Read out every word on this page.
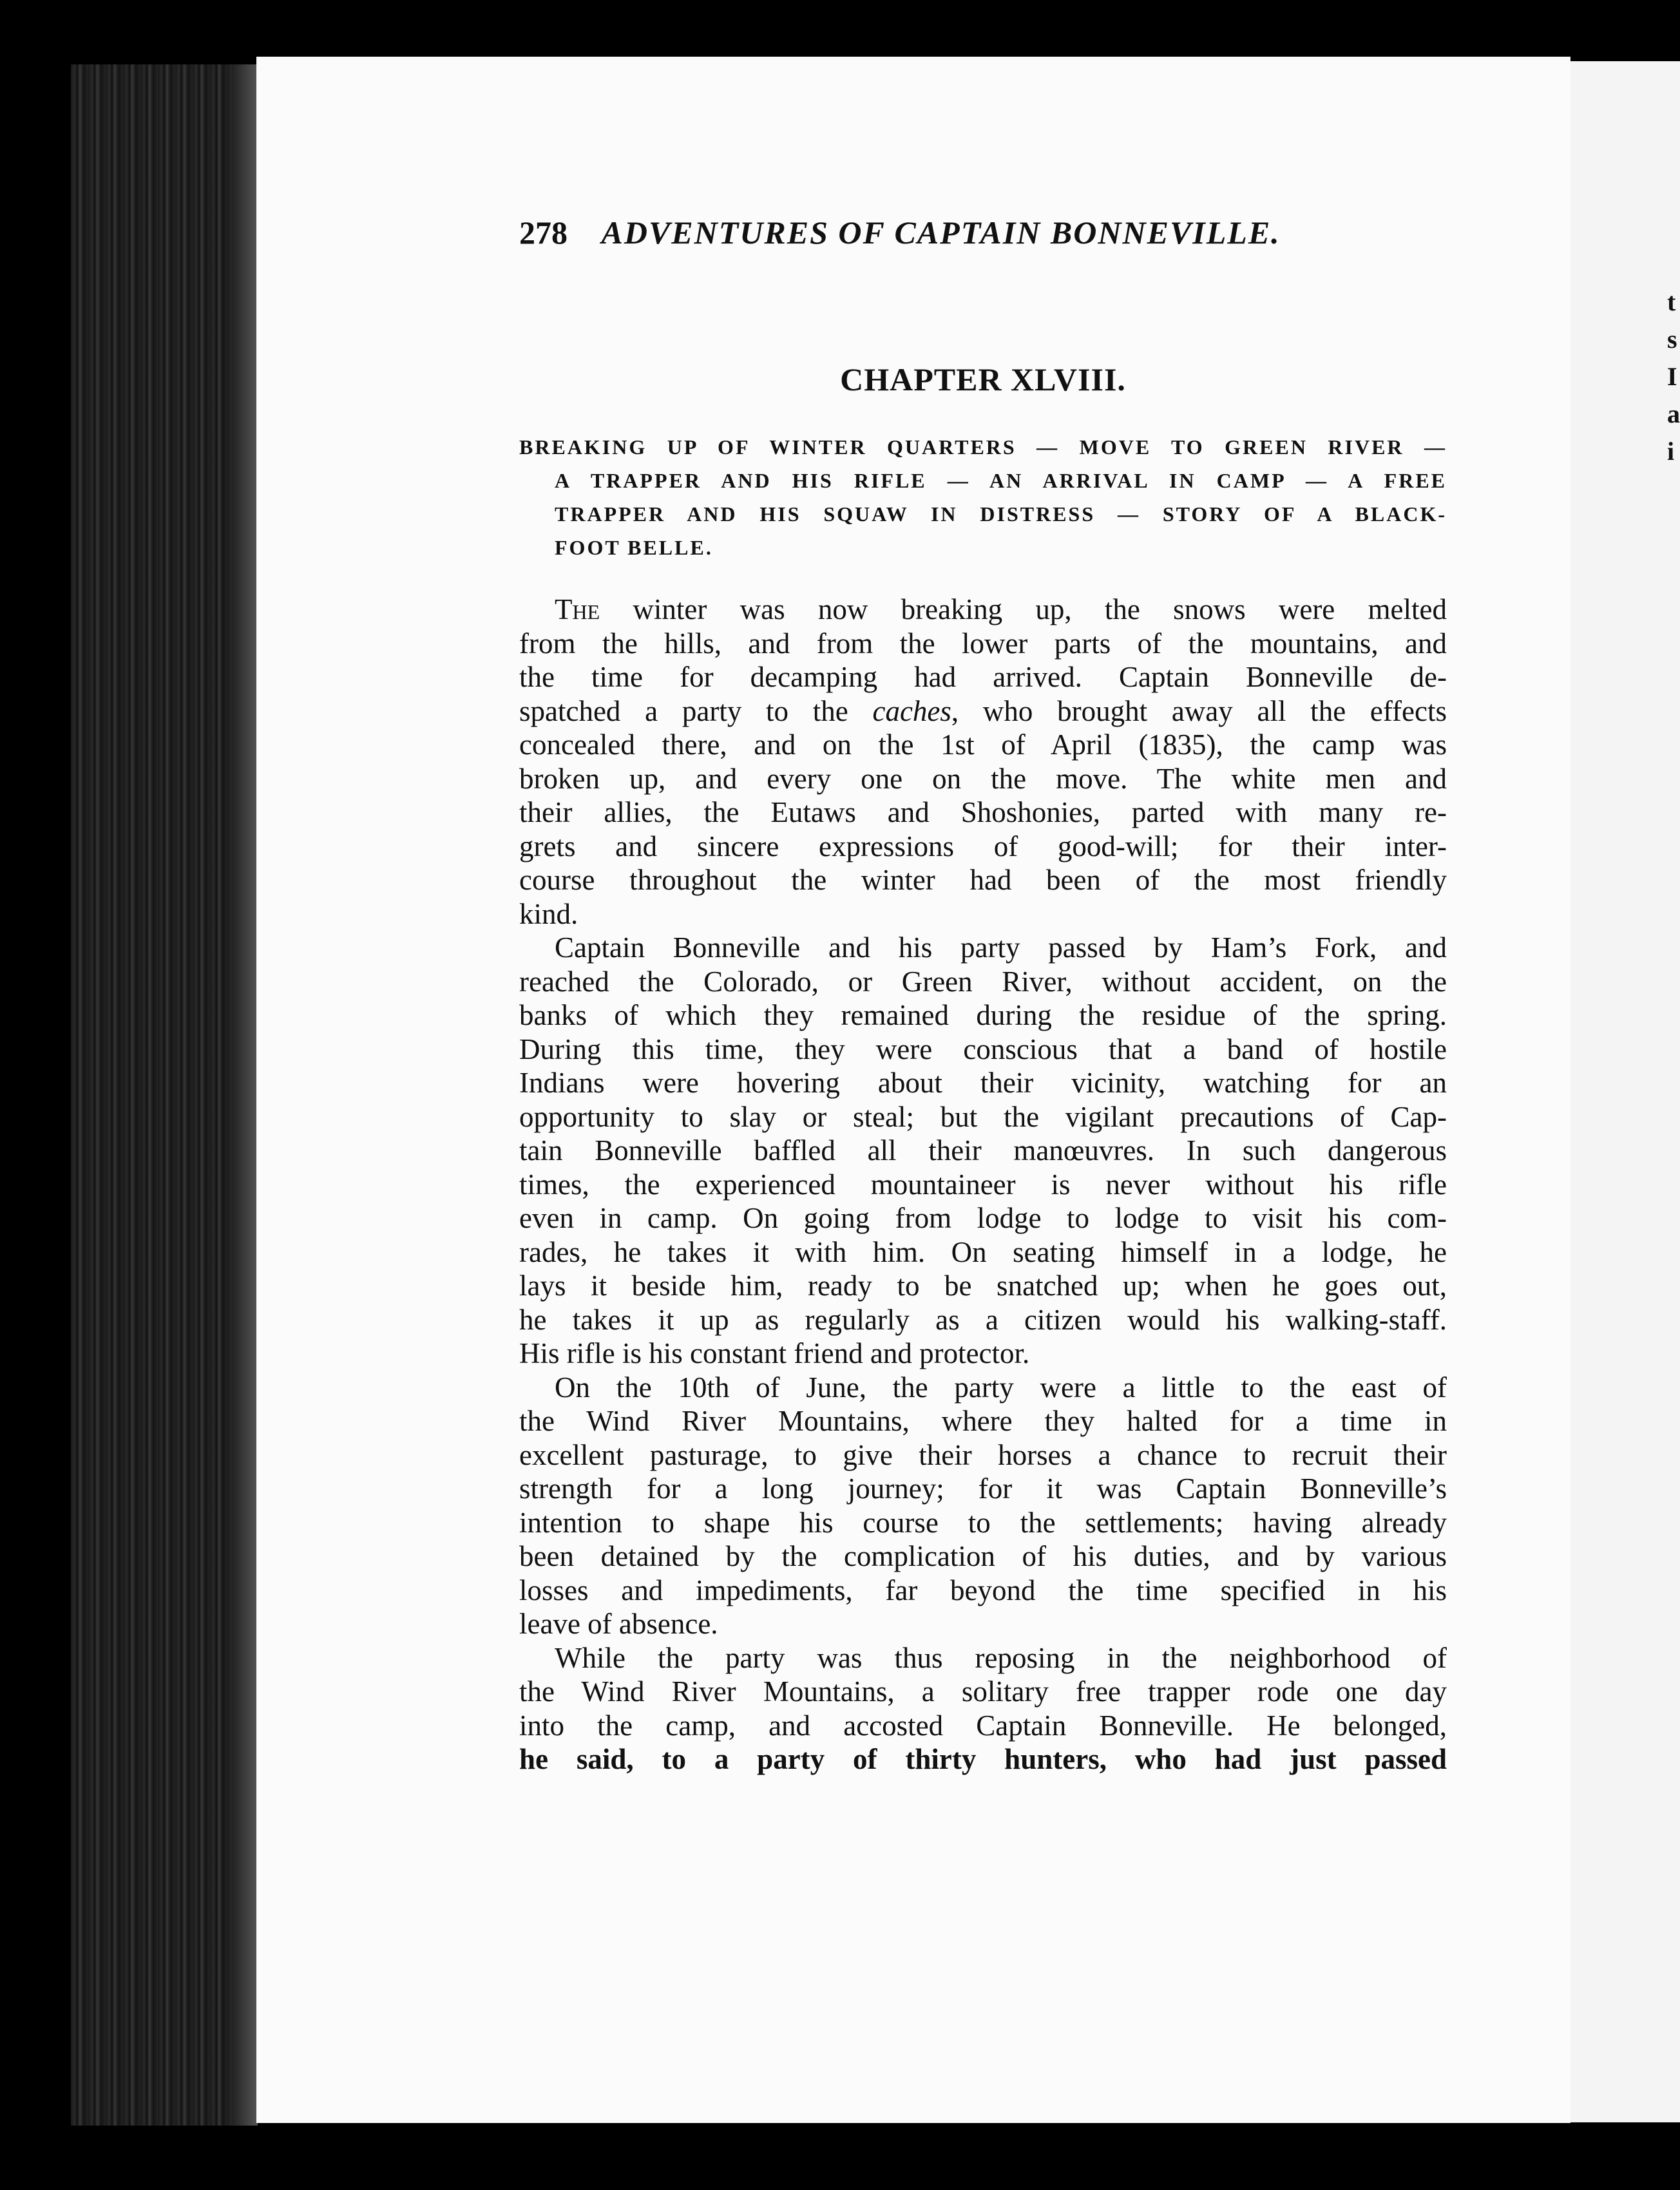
t
s
I
a
i
278 ADVENTURES OF CAPTAIN BONNEVILLE.
CHAPTER XLVIII.
BREAKING UP OF WINTER QUARTERS — MOVE TO GREEN RIVER —
A TRAPPER AND HIS RIFLE — AN ARRIVAL IN CAMP — A FREE
TRAPPER AND HIS SQUAW IN DISTRESS — STORY OF A BLACK-
FOOT BELLE.
The winter was now breaking up, the snows were melted
from the hills, and from the lower parts of the mountains, and
the time for decamping had arrived. Captain Bonneville de-
spatched a party to the caches, who brought away all the effects
concealed there, and on the 1st of April (1835), the camp was
broken up, and every one on the move. The white men and
their allies, the Eutaws and Shoshonies, parted with many re-
grets and sincere expressions of good-will; for their inter-
course throughout the winter had been of the most friendly
kind.
Captain Bonneville and his party passed by Ham’s Fork, and
reached the Colorado, or Green River, without accident, on the
banks of which they remained during the residue of the spring.
During this time, they were conscious that a band of hostile
Indians were hovering about their vicinity, watching for an
opportunity to slay or steal; but the vigilant precautions of Cap-
tain Bonneville baffled all their manœuvres. In such dangerous
times, the experienced mountaineer is never without his rifle
even in camp. On going from lodge to lodge to visit his com-
rades, he takes it with him. On seating himself in a lodge, he
lays it beside him, ready to be snatched up; when he goes out,
he takes it up as regularly as a citizen would his walking-staff.
His rifle is his constant friend and protector.
On the 10th of June, the party were a little to the east of
the Wind River Mountains, where they halted for a time in
excellent pasturage, to give their horses a chance to recruit their
strength for a long journey; for it was Captain Bonneville’s
intention to shape his course to the settlements; having already
been detained by the complication of his duties, and by various
losses and impediments, far beyond the time specified in his
leave of absence.
While the party was thus reposing in the neighborhood of
the Wind River Mountains, a solitary free trapper rode one day
into the camp, and accosted Captain Bonneville. He belonged,
he said, to a party of thirty hunters, who had just passed
